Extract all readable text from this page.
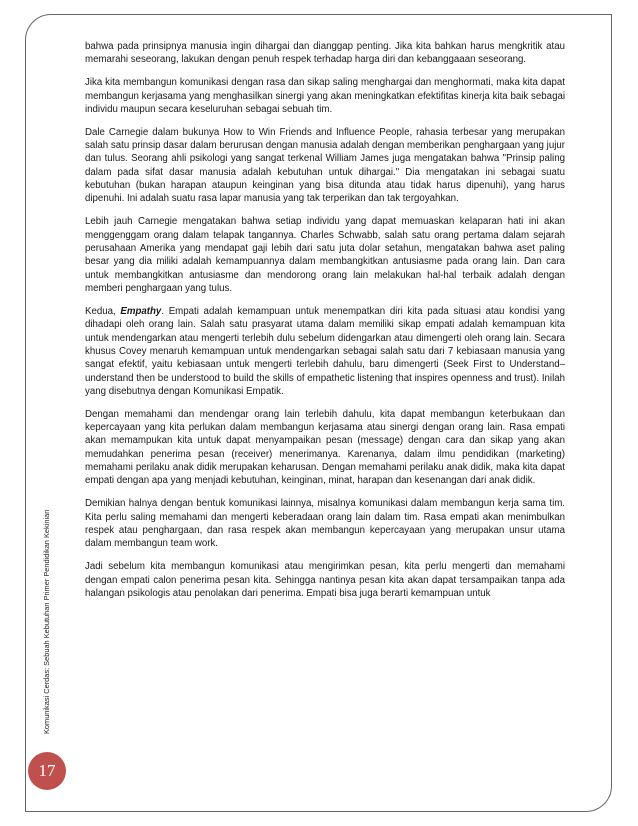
Komunikasi Cerdas: Sebuah Kebutuhan Primer Pendidikan Kekinian
17

bahwa pada prinsipnya manusia ingin dihargai dan dianggap penting. Jika kita bahkan harus mengkritik atau memarahi seseorang, lakukan dengan penuh respek terhadap harga diri dan kebanggaaan seseorang.

Jika kita membangun komunikasi dengan rasa dan sikap saling menghargai dan menghormati, maka kita dapat membangun kerjasama yang menghasilkan sinergi yang akan meningkatkan efektifitas kinerja kita baik sebagai individu maupun secara keseluruhan sebagai sebuah tim.

Dale Carnegie dalam bukunya How to Win Friends and Influence People, rahasia terbesar yang merupakan salah satu prinsip dasar dalam berurusan dengan manusia adalah dengan memberikan penghargaan yang jujur dan tulus. Seorang ahli psikologi yang sangat terkenal William James juga mengatakan bahwa "Prinsip paling dalam pada sifat dasar manusia adalah kebutuhan untuk dihargai." Dia mengatakan ini sebagai suatu kebutuhan (bukan harapan ataupun keinginan yang bisa ditunda atau tidak harus dipenuhi), yang harus dipenuhi. Ini adalah suatu rasa lapar manusia yang tak terperikan dan tak tergoyahkan.

Lebih jauh Carnegie mengatakan bahwa setiap individu yang dapat memuaskan kelaparan hati ini akan menggenggam orang dalam telapak tangannya. Charles Schwabb, salah satu orang pertama dalam sejarah perusahaan Amerika yang mendapat gaji lebih dari satu juta dolar setahun, mengatakan bahwa aset paling besar yang dia miliki adalah kemampuannya dalam membangkitkan antusiasme pada orang lain. Dan cara untuk membangkitkan antusiasme dan mendorong orang lain melakukan hal-hal terbaik adalah dengan memberi penghargaan yang tulus.

Kedua, Empathy. Empati adalah kemampuan untuk menempatkan diri kita pada situasi atau kondisi yang dihadapi oleh orang lain. Salah satu prasyarat utama dalam memiliki sikap empati adalah kemampuan kita untuk mendengarkan atau mengerti terlebih dulu sebelum didengarkan atau dimengerti oleh orang lain. Secara khusus Covey menaruh kemampuan untuk mendengarkan sebagai salah satu dari 7 kebiasaan manusia yang sangat efektif, yaitu kebiasaan untuk mengerti terlebih dahulu, baru dimengerti (Seek First to Understand–understand then be understood to build the skills of empathetic listening that inspires openness and trust). Inilah yang disebutnya dengan Komunikasi Empatik.

Dengan memahami dan mendengar orang lain terlebih dahulu, kita dapat membangun keterbukaan dan kepercayaan yang kita perlukan dalam membangun kerjasama atau sinergi dengan orang lain. Rasa empati akan memampukan kita untuk dapat menyampaikan pesan (message) dengan cara dan sikap yang akan memudahkan penerima pesan (receiver) menerimanya. Karenanya, dalam ilmu pendidikan (marketing) memahami perilaku anak didik merupakan keharusan. Dengan memahami perilaku anak didik, maka kita dapat empati dengan apa yang menjadi kebutuhan, keinginan, minat, harapan dan kesenangan dari anak didik.

Demikian halnya dengan bentuk komunikasi lainnya, misalnya komunikasi dalam membangun kerja sama tim. Kita perlu saling memahami dan mengerti keberadaan orang lain dalam tim. Rasa empati akan menimbulkan respek atau penghargaan, dan rasa respek akan membangun kepercayaan yang merupakan unsur utama dalam membangun team work.

Jadi sebelum kita membangun komunikasi atau mengirimkan pesan, kita perlu mengerti dan memahami dengan empati calon penerima pesan kita. Sehingga nantinya pesan kita akan dapat tersampaikan tanpa ada halangan psikologis atau penolakan dari penerima. Empati bisa juga berarti kemampuan untuk
